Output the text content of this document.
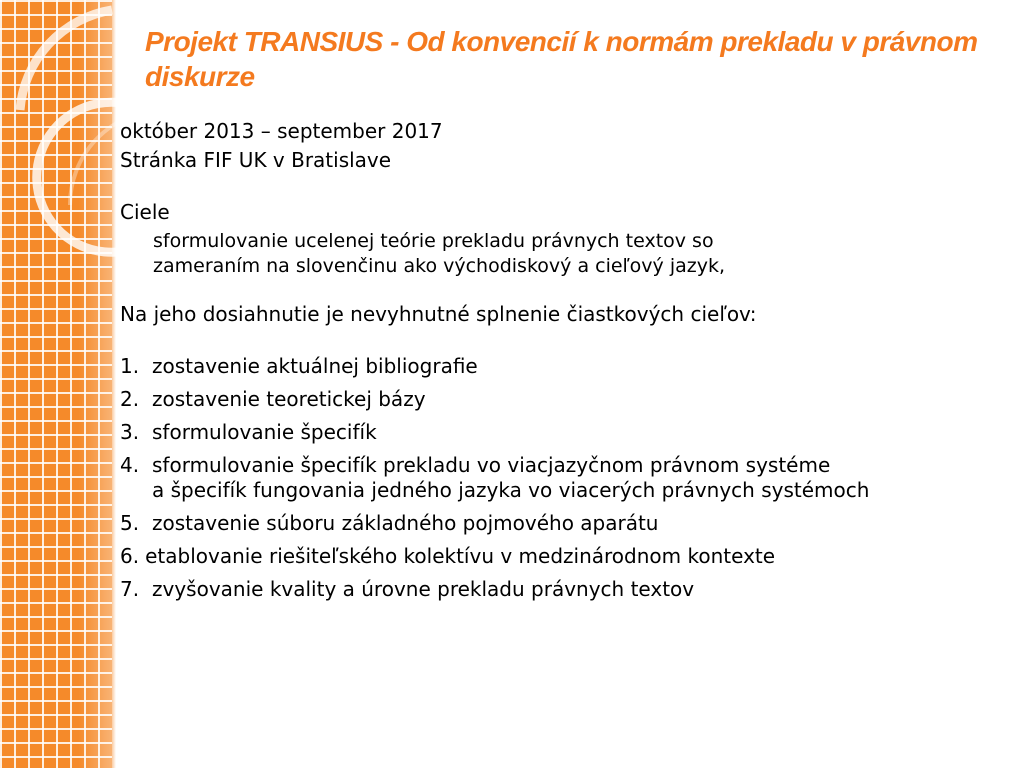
Projekt TRANSIUS - Od konvencií k normám prekladu v právnom diskurze
október 2013 – september 2017
Stránka FIF UK v Bratislave
Ciele
sformulovanie ucelenej teórie prekladu právnych textov so
zameraním na slovenčinu ako východiskový a cieľový jazyk,
Na jeho dosiahnutie je nevyhnutné splnenie čiastkových cieľov:
1. zostavenie aktuálnej bibliografie
2. zostavenie teoretickej bázy
3. sformulovanie špecifík
4. sformulovanie špecifík prekladu vo viacjazyčnom právnom systéme
a špecifík fungovania jedného jazyka vo viacerých právnych systémoch
5. zostavenie súboru základného pojmového aparátu
6. etablovanie riešiteľského kolektívu v medzinárodnom kontexte
7. zvyšovanie kvality a úrovne prekladu právnych textov
